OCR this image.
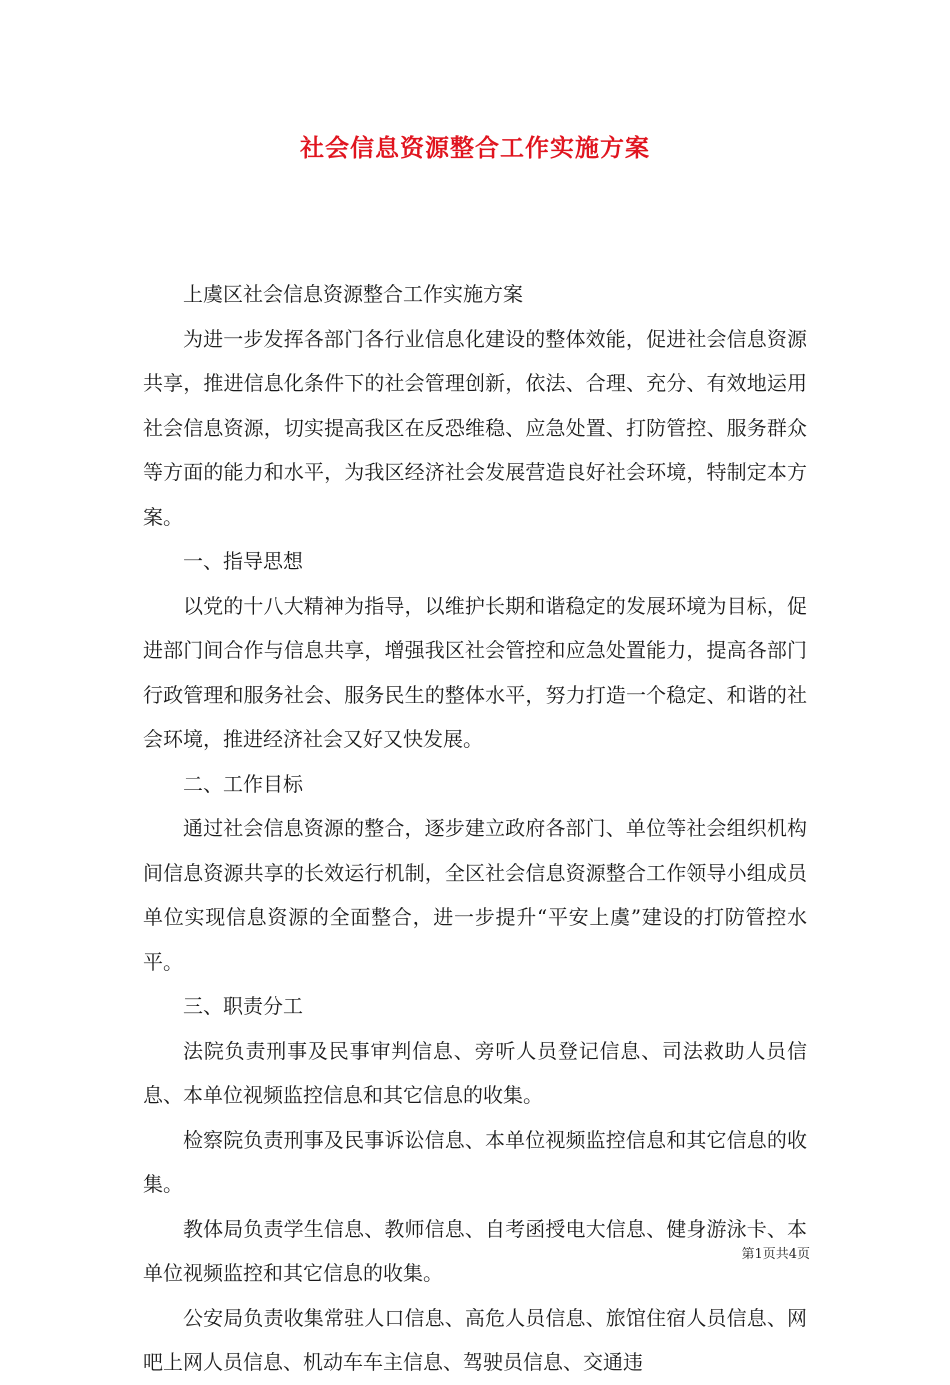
社会信息资源整合工作实施方案

上虞区社会信息资源整合工作实施方案

为进一步发挥各部门各行业信息化建设的整体效能，促进社会信息资源共享，推进信息化条件下的社会管理创新，依法、合理、充分、有效地运用社会信息资源，切实提高我区在反恐维稳、应急处置、打防管控、服务群众等方面的能力和水平，为我区经济社会发展营造良好社会环境，特制定本方案。

一、指导思想

以党的十八大精神为指导，以维护长期和谐稳定的发展环境为目标，促进部门间合作与信息共享，增强我区社会管控和应急处置能力，提高各部门行政管理和服务社会、服务民生的整体水平，努力打造一个稳定、和谐的社会环境，推进经济社会又好又快发展。

二、工作目标

通过社会信息资源的整合，逐步建立政府各部门、单位等社会组织机构间信息资源共享的长效运行机制，全区社会信息资源整合工作领导小组成员单位实现信息资源的全面整合，进一步提升“平安上虞”建设的打防管控水平。

三、职责分工

法院负责刑事及民事审判信息、旁听人员登记信息、司法救助人员信息、本单位视频监控信息和其它信息的收集。

检察院负责刑事及民事诉讼信息、本单位视频监控信息和其它信息的收集。

教体局负责学生信息、教师信息、自考函授电大信息、健身游泳卡、本单位视频监控和其它信息的收集。

公安局负责收集常驻人口信息、高危人员信息、旅馆住宿人员信息、网吧上网人员信息、机动车车主信息、驾驶员信息、交通违

第1页共4页
